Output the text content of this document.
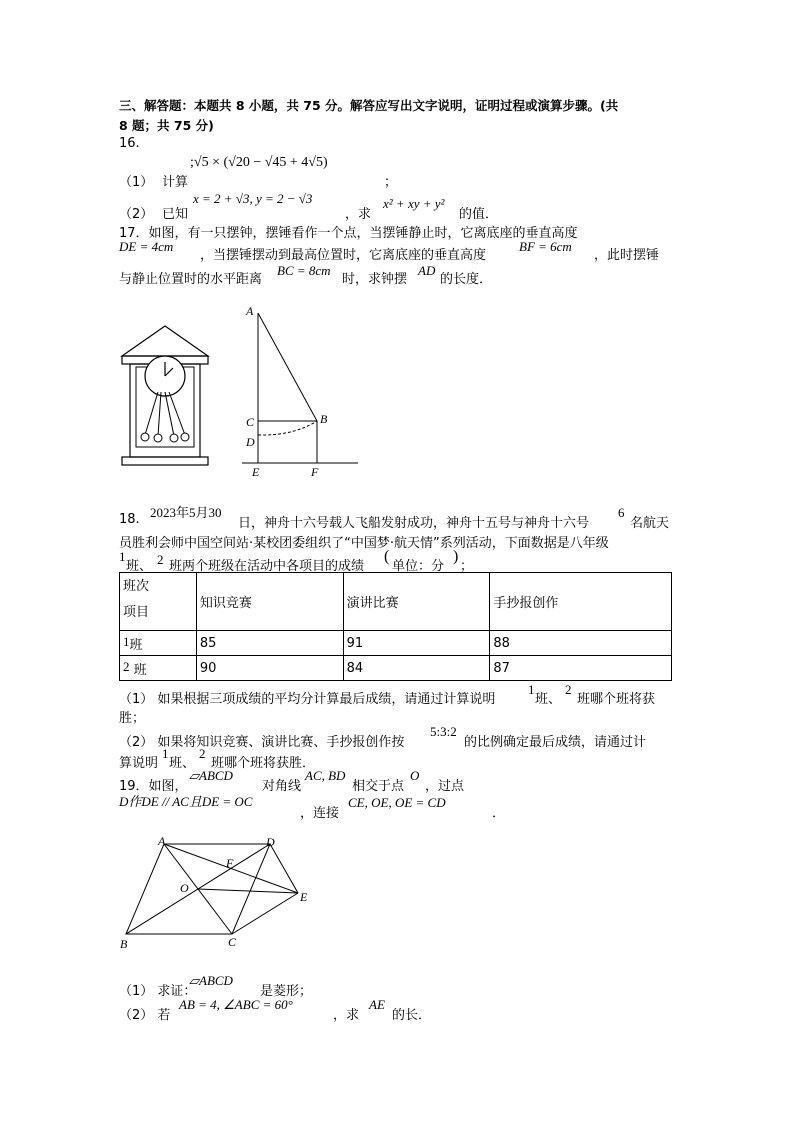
三、解答题：本题共 8 小题，共 75 分。解答应写出文字说明，证明过程或演算步骤。(共
8 题；共 75 分)
16.
（1） 计算
;√5 × (√20 − √45 + 4√5)
；
（2） 已知
x = 2 + √3, y = 2 − √3
，求
x² + xy + y²
的值．
17．如图，有一只摆钟，摆锤看作一个点，当摆锤静止时，它离底座的垂直高度
DE = 4cm
，当摆锤摆动到最高位置时，它离底座的垂直高度
BF = 6cm
，此时摆锤
与静止位置时的水平距离
BC = 8cm
时，求钟摆
AD
的长度．
A
C	B
D
E	F
18. 2023年5月30
日，神舟十六号载人飞船发射成功，神舟十五号与神舟十六号
6
名航天
员胜利会师中国空间站·某校团委组织了“中国梦·航天情”系列活动，下面数据是八年级
1
班、 2 班两个班级在活动中各项目的成绩
(
单位：分
)
；
班次
项目	知识竞赛	演讲比赛	手抄报创作
1班	85	91	88
2 班	90	84	87
（1） 如果根据三项成绩的平均分计算最后成绩，请通过计算说明
1
班、
2
班哪个班将获
胜；
（2） 如果将知识竞赛、演讲比赛、手抄报创作按
5:3:2
的比例确定最后成绩，请通过计
算说明
1
班、
2
班哪个班将获胜．
19．如图，
▱ABCD
对角线
AC, BD
相交于点
O
，过点
D作DE // AC且DE = OC
，连接
CE, OE, OE = CD
．
A	D
F
O
E
B	C
（1） 求证：
▱ABCD
是菱形；
（2） 若
AB = 4, ∠ABC = 60°
，求
AE
的长．
